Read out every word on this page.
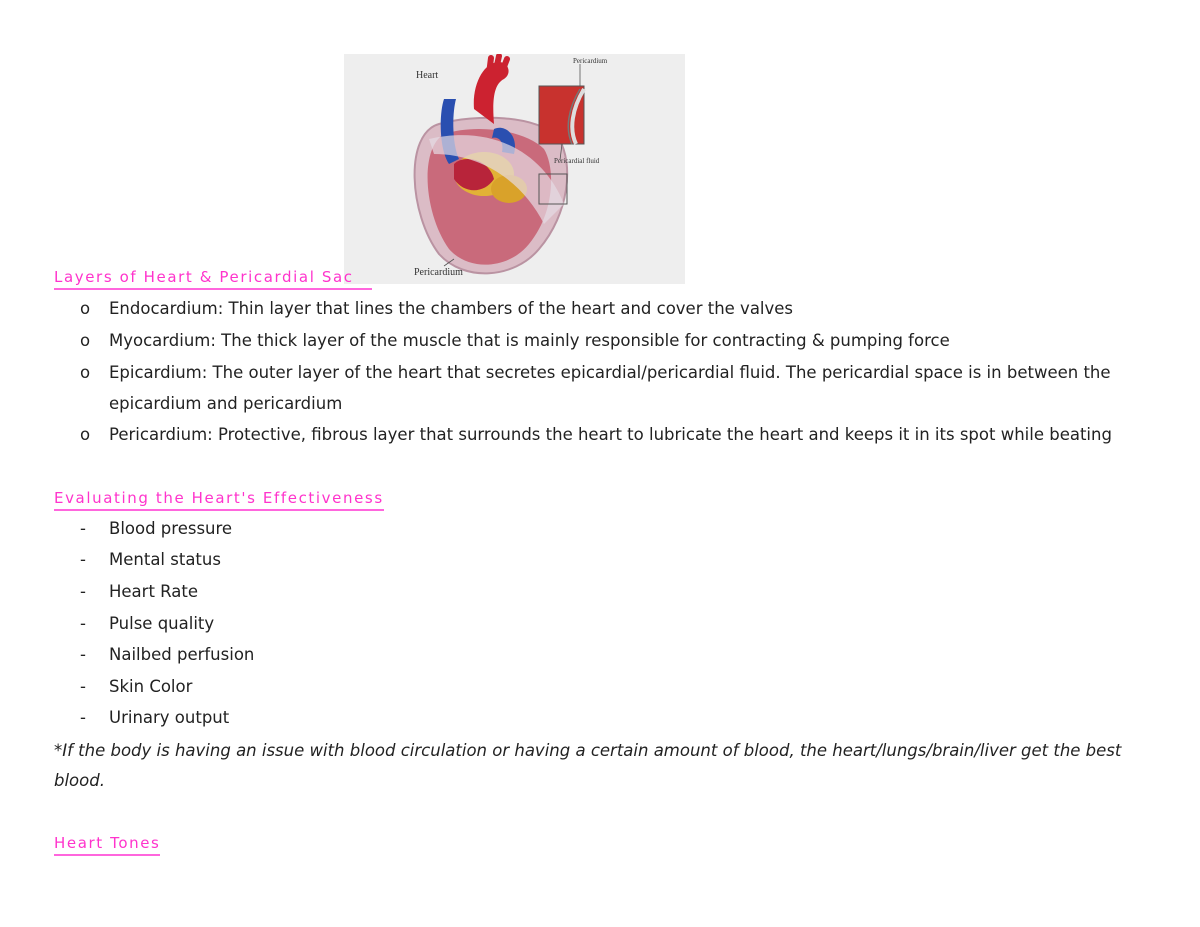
Heart
Pericardium
Pericardial fluid
Pericardium
Layers of Heart & Pericardial Sac
o	Endocardium: Thin layer that lines the chambers of the heart and cover the valves
o	Myocardium: The thick layer of the muscle that is mainly responsible for contracting & pumping force
o	Epicardium: The outer layer of the heart that secretes epicardial/pericardial fluid. The pericardial space is in between the epicardium and pericardium
o	Pericardium: Protective, fibrous layer that surrounds the heart to lubricate the heart and keeps it in its spot while beating
Evaluating the Heart's Effectiveness
-	Blood pressure
-	Mental status
-	Heart Rate
-	Pulse quality
-	Nailbed perfusion
-	Skin Color
-	Urinary output
*If the body is having an issue with blood circulation or having a certain amount of blood, the heart/lungs/brain/liver get the best blood.
Heart Tones
